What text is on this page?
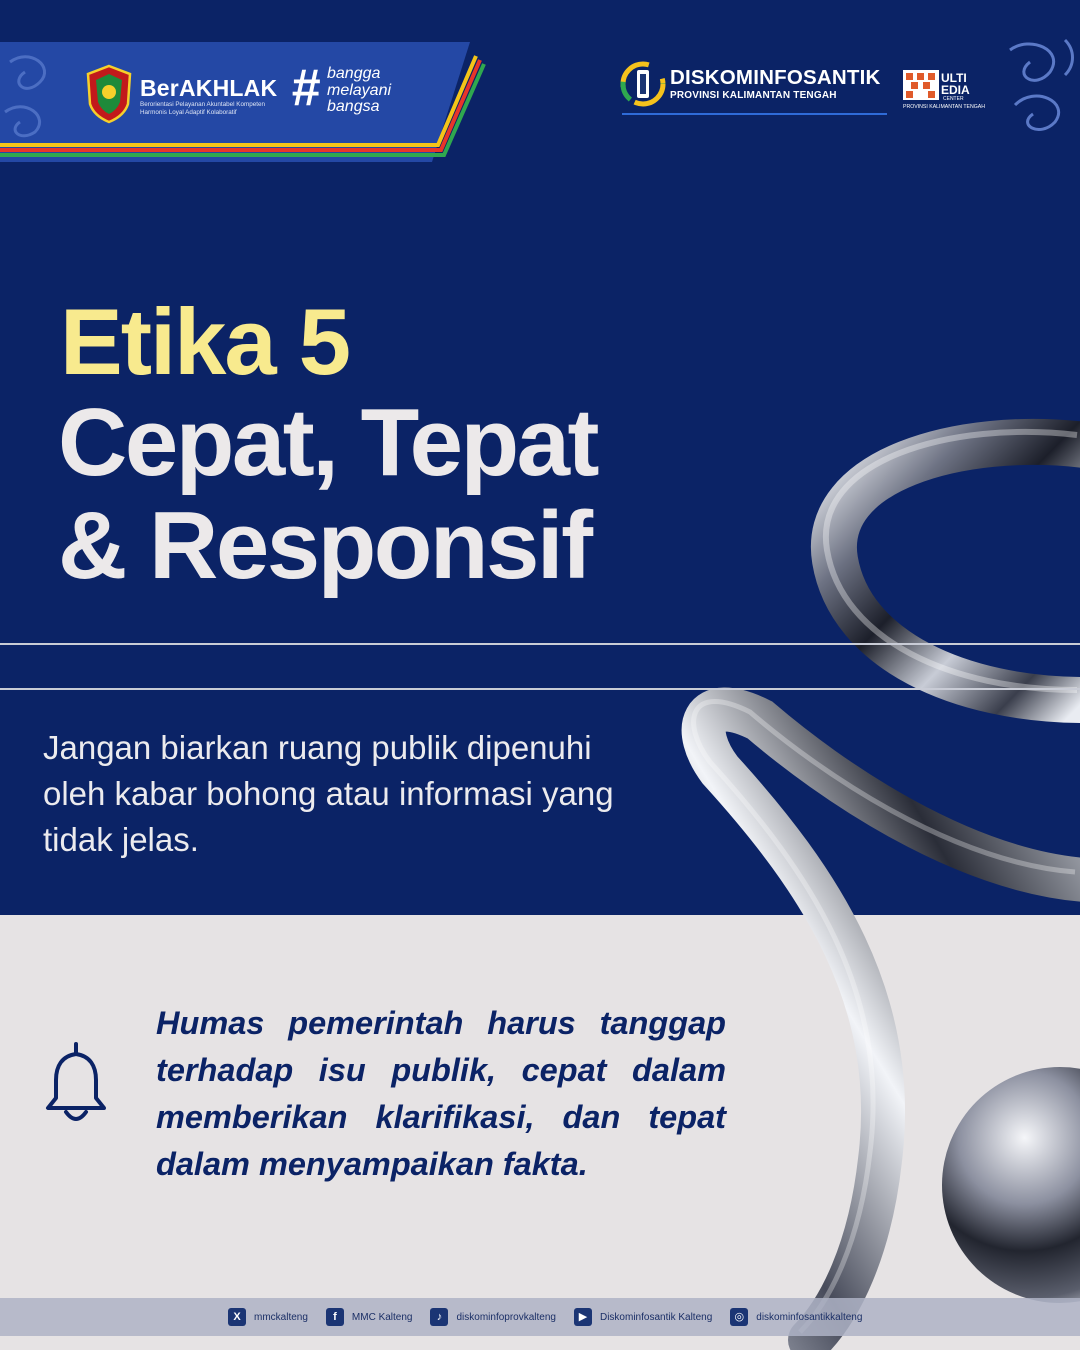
BerAKHLAK
Berorientasi Pelayanan Akuntabel Kompeten Harmonis Loyal Adaptif Kolaboratif	# bangga
melayani
bangsa
DISKOMINFOSANTIK
PROVINSI KALIMANTAN TENGAH
ULTI
EDIA
CENTER
PROVINSI KALIMANTAN TENGAH
Etika 5
Cepat, Tepat
& Responsif
Jangan biarkan ruang publik dipenuhi oleh kabar bohong atau informasi yang tidak jelas.
Humas pemerintah harus tanggap terhadap isu publik, cepat dalam memberikan klarifikasi, dan tepat dalam menyampaikan fakta.
X	mmckalteng	f	MMC Kalteng	♪	diskominfoprovkalteng	▶	Diskominfosantik Kalteng	◎	diskominfosantikkalteng
